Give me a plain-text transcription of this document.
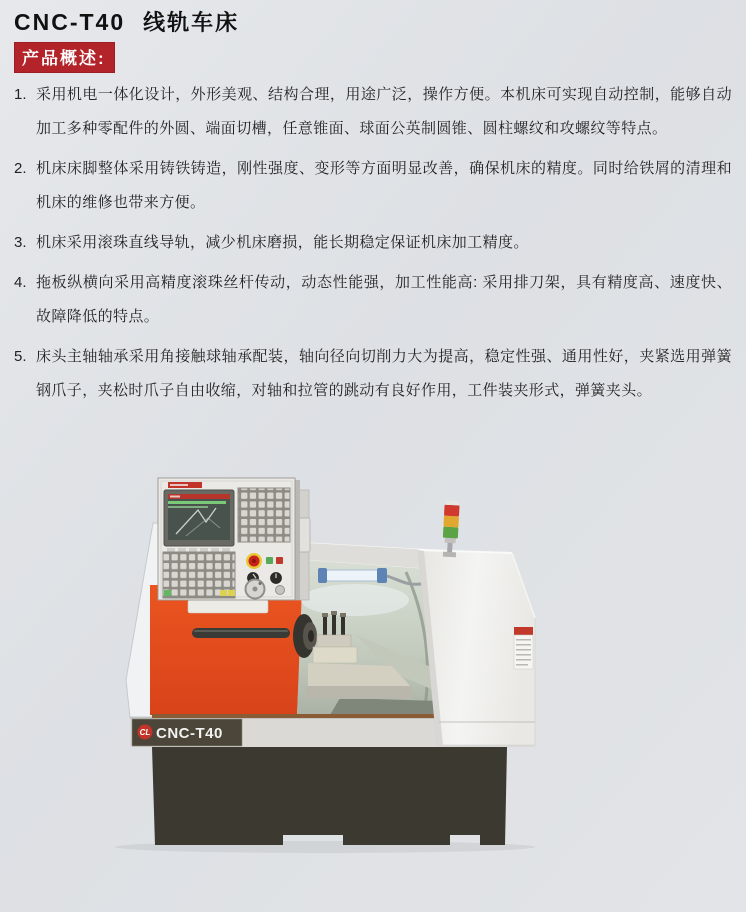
CNC-T40 线轨车床
产品概述:
1. 采用机电一体化设计，外形美观、结构合理，用途广泛，操作方便。本机床可实现自动控制，能够自动加工多种零配件的外圆、端面切槽，任意锥面、球面公英制圆锥、圆柱螺纹和攻螺纹等特点。
2. 机床床脚整体采用铸铁铸造，刚性强度、变形等方面明显改善，确保机床的精度。同时给铁屑的清理和机床的维修也带来方便。
3. 机床采用滚珠直线导轨，减少机床磨损，能长期稳定保证机床加工精度。
4. 拖板纵横向采用高精度滚珠丝杆传动，动态性能强，加工性能高: 采用排刀架，具有精度高、速度快、故障降低的特点。
5. 床头主轴轴承采用角接触球轴承配装，轴向径向切削力大为提高，稳定性强、通用性好，夹紧选用弹簧钢爪子，夹松时爪子自由收缩，对轴和拉管的跳动有良好作用，工件装夹形式，弹簧夹头。
CL CNC-T40
